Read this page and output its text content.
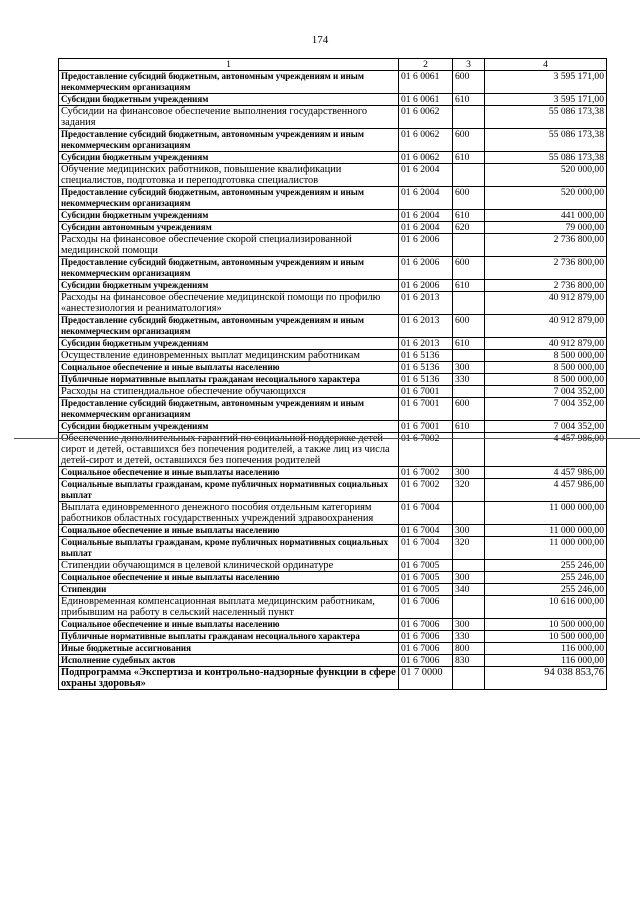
174
1	2	3	4
Предоставление субсидий бюджетным, автономным учреждениям и иным некоммерческим организациям	01 6 0061	600	3 595 171,00
Субсидии бюджетным учреждениям	01 6 0061	610	3 595 171,00
Субсидии на финансовое обеспечение выполнения государственного задания	01 6 0062		55 086 173,38
Предоставление субсидий бюджетным, автономным учреждениям и иным некоммерческим организациям	01 6 0062	600	55 086 173,38
Субсидии бюджетным учреждениям	01 6 0062	610	55 086 173,38
Обучение медицинских работников, повышение квалификации специалистов, подготовка и переподготовка специалистов	01 6 2004		520 000,00
Предоставление субсидий бюджетным, автономным учреждениям и иным некоммерческим организациям	01 6 2004	600	520 000,00
Субсидии бюджетным учреждениям	01 6 2004	610	441 000,00
Субсидии автономным учреждениям	01 6 2004	620	79 000,00
Расходы на финансовое обеспечение скорой специализированной медицинской помощи	01 6 2006		2 736 800,00
Предоставление субсидий бюджетным, автономным учреждениям и иным некоммерческим организациям	01 6 2006	600	2 736 800,00
Субсидии бюджетным учреждениям	01 6 2006	610	2 736 800,00
Расходы на финансовое обеспечение медицинской помощи по профилю «анестезиология и реаниматология»	01 6 2013		40 912 879,00
Предоставление субсидий бюджетным, автономным учреждениям и иным некоммерческим организациям	01 6 2013	600	40 912 879,00
Субсидии бюджетным учреждениям	01 6 2013	610	40 912 879,00
Осуществление единовременных выплат медицинским работникам	01 6 5136		8 500 000,00
Социальное обеспечение и иные выплаты населению	01 6 5136	300	8 500 000,00
Публичные нормативные выплаты гражданам несоциального характера	01 6 5136	330	8 500 000,00
Расходы на стипендиальное обеспечение обучающихся	01 6 7001		7 004 352,00
Предоставление субсидий бюджетным, автономным учреждениям и иным некоммерческим организациям	01 6 7001	600	7 004 352,00
Субсидии бюджетным учреждениям	01 6 7001	610	7 004 352,00
Обеспечение дополнительных гарантий по социальной поддержке детей-сирот и детей, оставшихся без попечения родителей, а также лиц из числа детей-сирот и детей, оставшихся без попечения родителей	01 6 7002		4 457 986,00
Социальное обеспечение и иные выплаты населению	01 6 7002	300	4 457 986,00
Социальные выплаты гражданам, кроме публичных нормативных социальных выплат	01 6 7002	320	4 457 986,00
Выплата единовременного денежного пособия отдельным категориям работников областных государственных учреждений здравоохранения	01 6 7004		11 000 000,00
Социальное обеспечение и иные выплаты населению	01 6 7004	300	11 000 000,00
Социальные выплаты гражданам, кроме публичных нормативных социальных выплат	01 6 7004	320	11 000 000,00
Стипендии обучающимся в целевой клинической ординатуре	01 6 7005		255 246,00
Социальное обеспечение и иные выплаты населению	01 6 7005	300	255 246,00
Стипендии	01 6 7005	340	255 246,00
Единовременная компенсационная выплата медицинским работникам, прибывшим на работу в сельский населенный пункт	01 6 7006		10 616 000,00
Социальное обеспечение и иные выплаты населению	01 6 7006	300	10 500 000,00
Публичные нормативные выплаты гражданам несоциального характера	01 6 7006	330	10 500 000,00
Иные бюджетные ассигнования	01 6 7006	800	116 000,00
Исполнение судебных актов	01 6 7006	830	116 000,00
Подпрограмма «Экспертиза и контрольно-надзорные функции в сфере охраны здоровья»	01 7 0000		94 038 853,76
